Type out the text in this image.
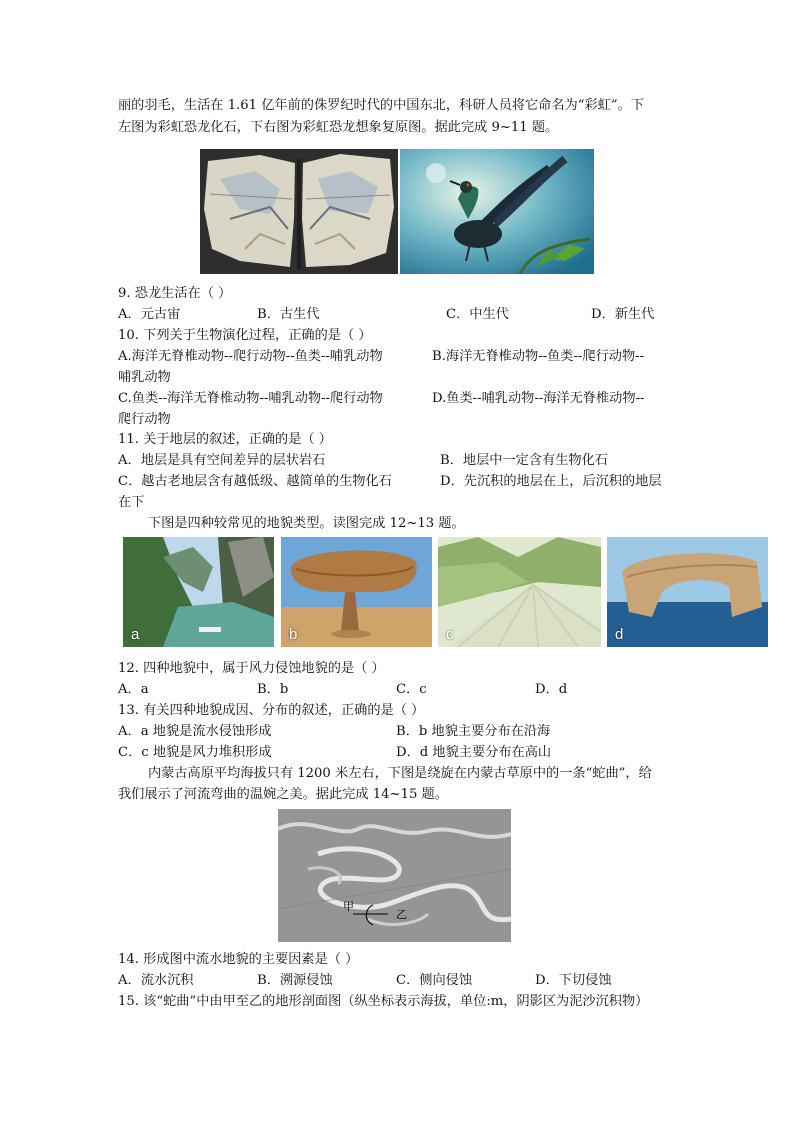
丽的羽毛，生活在 1.61 亿年前的侏罗纪时代的中国东北，科研人员将它命名为“彩虹”。下
左图为彩虹恐龙化石，下右图为彩虹恐龙想象复原图。据此完成 9~11 题。
9. 恐龙生活在（ ）
A．元古宙	B．古生代	C．中生代	D．新生代
10. 下列关于生物演化过程，正确的是（ ）
A.海洋无脊椎动物--爬行动物--鱼类--哺乳动物	B.海洋无脊椎动物--鱼类--爬行动物--
哺乳动物
C.鱼类--海洋无脊椎动物--哺乳动物--爬行动物	D.鱼类--哺乳动物--海洋无脊椎动物--
爬行动物
11. 关于地层的叙述，正确的是（ ）
A．地层是具有空间差异的层状岩石	B．地层中一定含有生物化石
C．越古老地层含有越低级、越简单的生物化石	D．先沉积的地层在上，后沉积的地层
在下
下图是四种较常见的地貌类型。读图完成 12~13 题。
a	b	c	d
12. 四种地貌中，属于风力侵蚀地貌的是（ ）
A．a	B．b	C．c	D．d
13. 有关四种地貌成因、分布的叙述，正确的是（ ）
A．a 地貌是流水侵蚀形成	B．b 地貌主要分布在沿海
C．c 地貌是风力堆积形成	D．d 地貌主要分布在高山
内蒙古高原平均海拔只有 1200 米左右，下图是绕旋在内蒙古草原中的一条“蛇曲”，给
我们展示了河流弯曲的温婉之美。据此完成 14~15 题。
甲
乙
14. 形成图中流水地貌的主要因素是（ ）
A．流水沉积	B．溯源侵蚀	C．侧向侵蚀	D．下切侵蚀
15. 该“蛇曲”中由甲至乙的地形剖面图（纵坐标表示海拔，单位:m，阴影区为泥沙沉积物）
